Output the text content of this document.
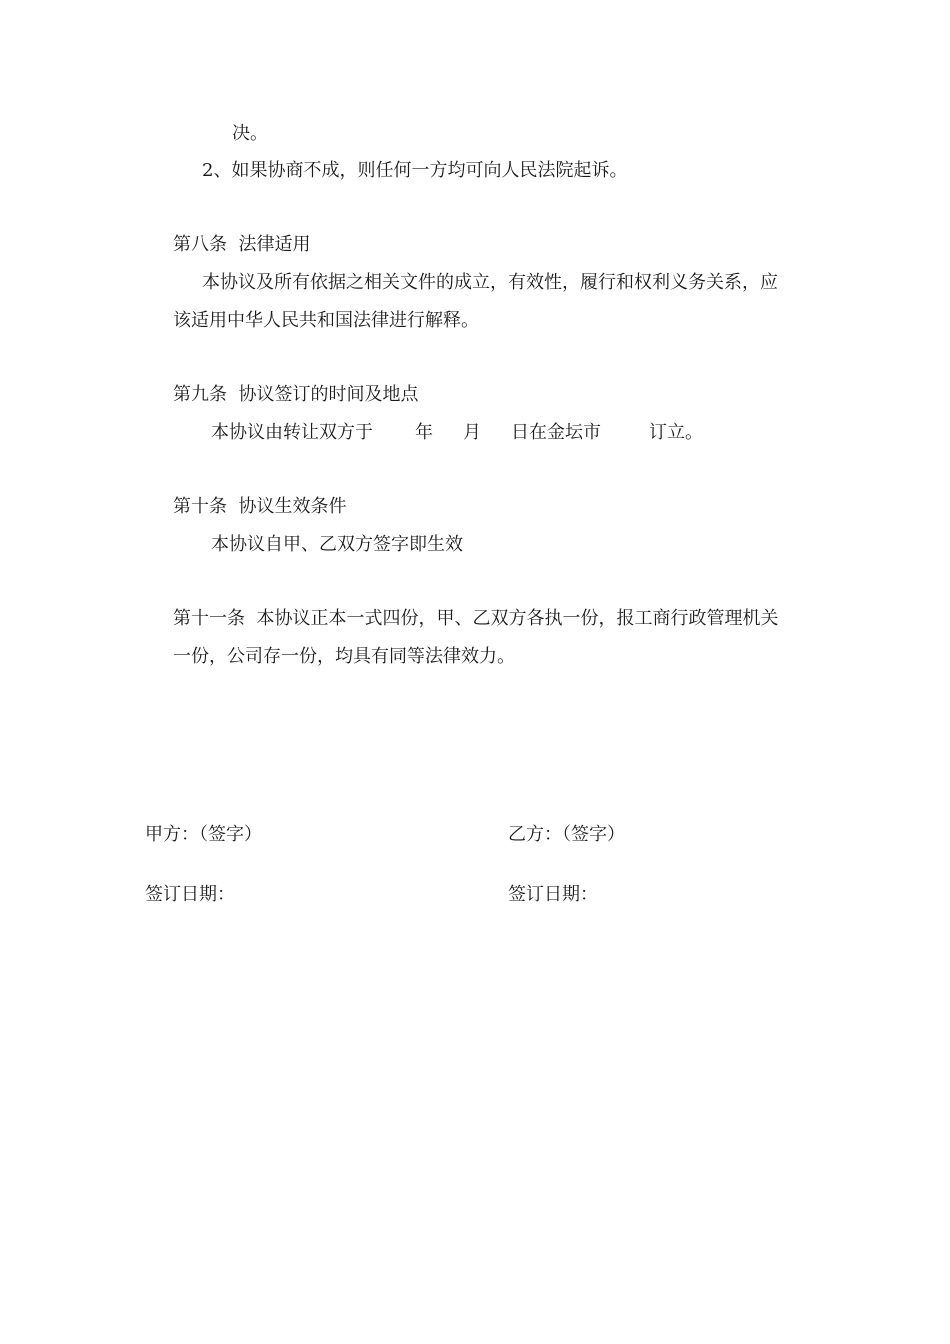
决。
2、如果协商不成，则任何一方均可向人民法院起诉。
第八条  法律适用
本协议及所有依据之相关文件的成立，有效性，履行和权利义务关系，应
该适用中华人民共和国法律进行解释。
第九条  协议签订的时间及地点
本协议由转让双方于 年 月 日在金坛市	订立。
第十条  协议生效条件
本协议自甲、乙双方签字即生效
第十一条  本协议正本一式四份，甲、乙双方各执一份，报工商行政管理机关
一份，公司存一份，均具有同等法律效力。
甲方：（签字）	乙方：（签字）
签订日期：	签订日期：
